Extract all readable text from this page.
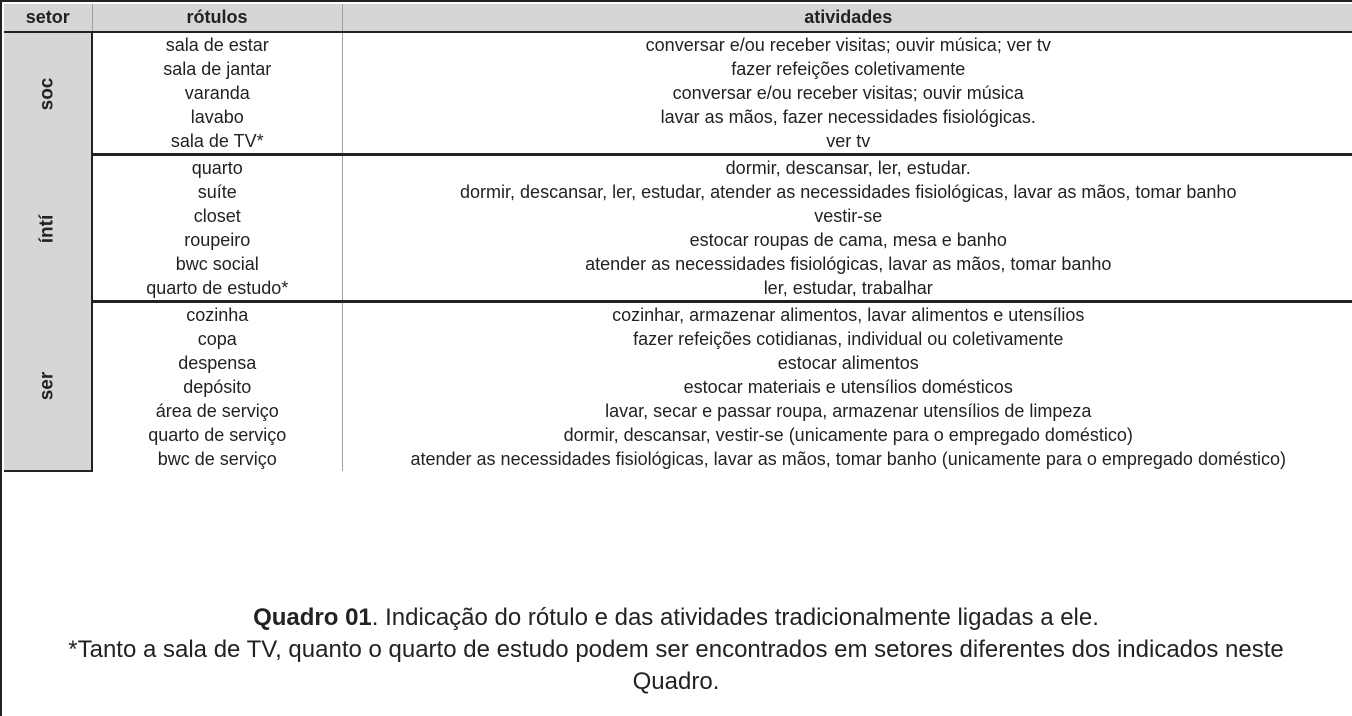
setor	rótulos	atividades
soc	sala de estar	conversar e/ou receber visitas; ouvir música; ver tv
	sala de jantar	fazer refeições coletivamente
	varanda	conversar e/ou receber visitas; ouvir música
	lavabo	lavar as mãos, fazer necessidades fisiológicas.
	sala de TV*	ver tv
íntí	quarto	dormir, descansar, ler, estudar.
	suíte	dormir, descansar, ler, estudar, atender as necessidades fisiológicas, lavar as mãos, tomar banho
	closet	vestir-se
	roupeiro	estocar roupas de cama, mesa e banho
	bwc social	atender as necessidades fisiológicas, lavar as mãos, tomar banho
	quarto de estudo*	ler, estudar, trabalhar
ser	cozinha	cozinhar, armazenar alimentos, lavar alimentos e utensílios
	copa	fazer refeições cotidianas, individual ou coletivamente
	despensa	estocar alimentos
	depósito	estocar materiais e utensílios domésticos
	área de serviço	lavar, secar e passar roupa, armazenar utensílios de limpeza
	quarto de serviço	dormir, descansar, vestir-se (unicamente para o empregado doméstico)
	bwc de serviço	atender as necessidades fisiológicas, lavar as mãos, tomar banho (unicamente para o empregado doméstico)
Quadro 01. Indicação do rótulo e das atividades tradicionalmente ligadas a ele.
*Tanto a sala de TV, quanto o quarto de estudo podem ser encontrados em setores diferentes dos indicados neste Quadro.
